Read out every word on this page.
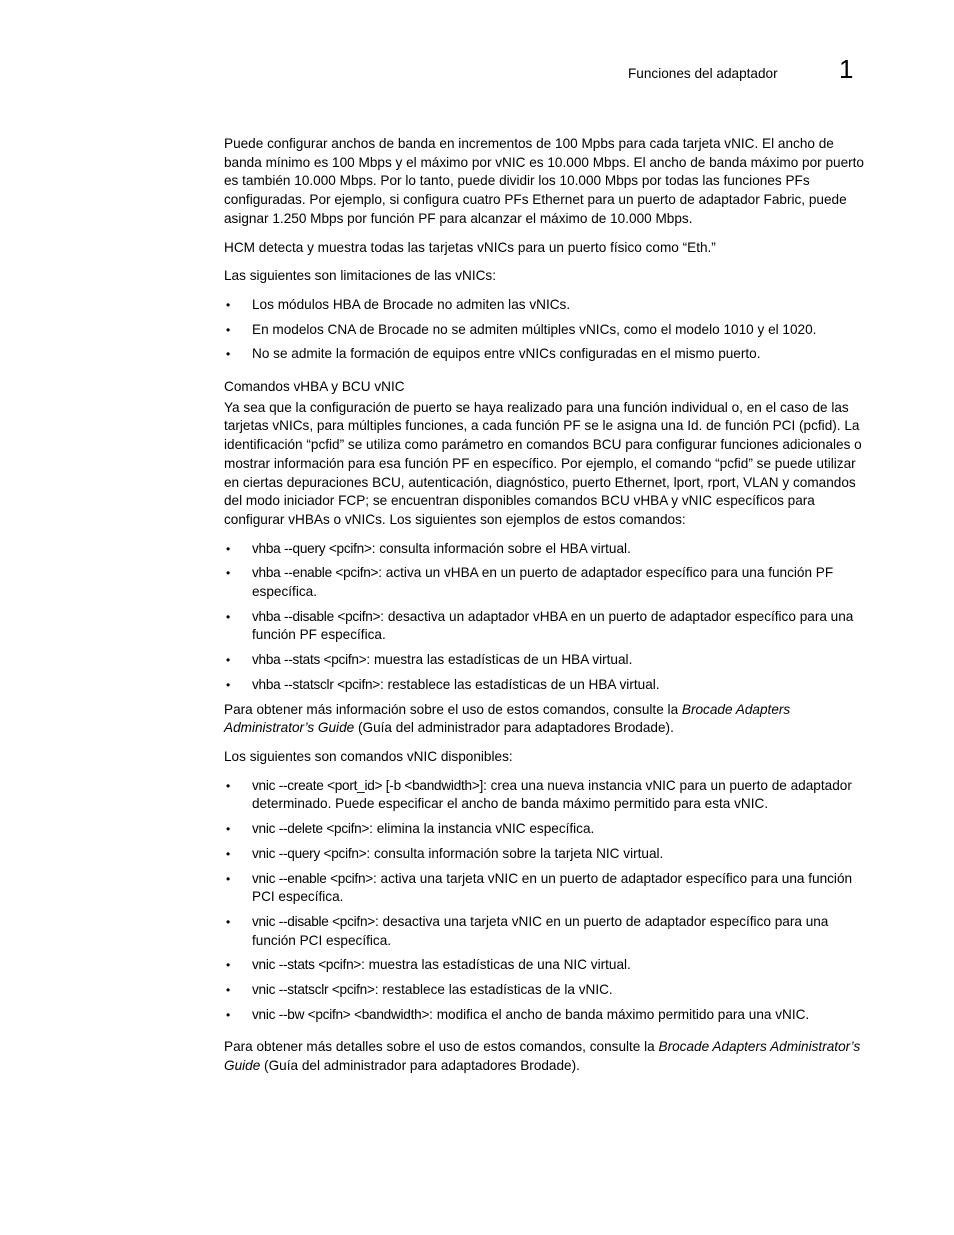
Funciones del adaptador 1

Puede configurar anchos de banda en incrementos de 100 Mpbs para cada tarjeta vNIC. El ancho de banda mínimo es 100 Mbps y el máximo por vNIC es 10.000 Mbps. El ancho de banda máximo por puerto es también 10.000 Mbps. Por lo tanto, puede dividir los 10.000 Mbps por todas las funciones PFs configuradas. Por ejemplo, si configura cuatro PFs Ethernet para un puerto de adaptador Fabric, puede asignar 1.250 Mbps por función PF para alcanzar el máximo de 10.000 Mbps.

HCM detecta y muestra todas las tarjetas vNICs para un puerto físico como “Eth.”

Las siguientes son limitaciones de las vNICs:

• Los módulos HBA de Brocade no admiten las vNICs.
• En modelos CNA de Brocade no se admiten múltiples vNICs, como el modelo 1010 y el 1020.
• No se admite la formación de equipos entre vNICs configuradas en el mismo puerto.
Comandos vHBA y BCU vNIC

Ya sea que la configuración de puerto se haya realizado para una función individual o, en el caso de las tarjetas vNICs, para múltiples funciones, a cada función PF se le asigna una Id. de función PCI (pcfid). La identificación “pcfid” se utiliza como parámetro en comandos BCU para configurar funciones adicionales o mostrar información para esa función PF en específico. Por ejemplo, el comando “pcfid” se puede utilizar en ciertas depuraciones BCU, autenticación, diagnóstico, puerto Ethernet, lport, rport, VLAN y comandos del modo iniciador FCP; se encuentran disponibles comandos BCU vHBA y vNIC específicos para configurar vHBAs o vNICs. Los siguientes son ejemplos de estos comandos:

• vhba --query <pcifn>: consulta información sobre el HBA virtual.
• vhba --enable <pcifn>: activa un vHBA en un puerto de adaptador específico para una función PF específica.
• vhba --disable <pcifn>: desactiva un adaptador vHBA en un puerto de adaptador específico para una función PF específica.
• vhba --stats <pcifn>: muestra las estadísticas de un HBA virtual.
• vhba --statsclr <pcifn>: restablece las estadísticas de un HBA virtual.

Para obtener más información sobre el uso de estos comandos, consulte la Brocade Adapters Administrator’s Guide (Guía del administrador para adaptadores Brodade).

Los siguientes son comandos vNIC disponibles:

• vnic --create <port_id> [-b <bandwidth>]: crea una nueva instancia vNIC para un puerto de adaptador determinado. Puede especificar el ancho de banda máximo permitido para esta vNIC.
• vnic --delete <pcifn>: elimina la instancia vNIC específica.
• vnic --query <pcifn>: consulta información sobre la tarjeta NIC virtual.
• vnic --enable <pcifn>: activa una tarjeta vNIC en un puerto de adaptador específico para una función PCI específica.
• vnic --disable <pcifn>: desactiva una tarjeta vNIC en un puerto de adaptador específico para una función PCI específica.
• vnic --stats <pcifn>: muestra las estadísticas de una NIC virtual.
• vnic --statsclr <pcifn>: restablece las estadísticas de la vNIC.
• vnic --bw <pcifn> <bandwidth>: modifica el ancho de banda máximo permitido para una vNIC.

Para obtener más detalles sobre el uso de estos comandos, consulte la Brocade Adapters Administrator’s Guide (Guía del administrador para adaptadores Brodade).
